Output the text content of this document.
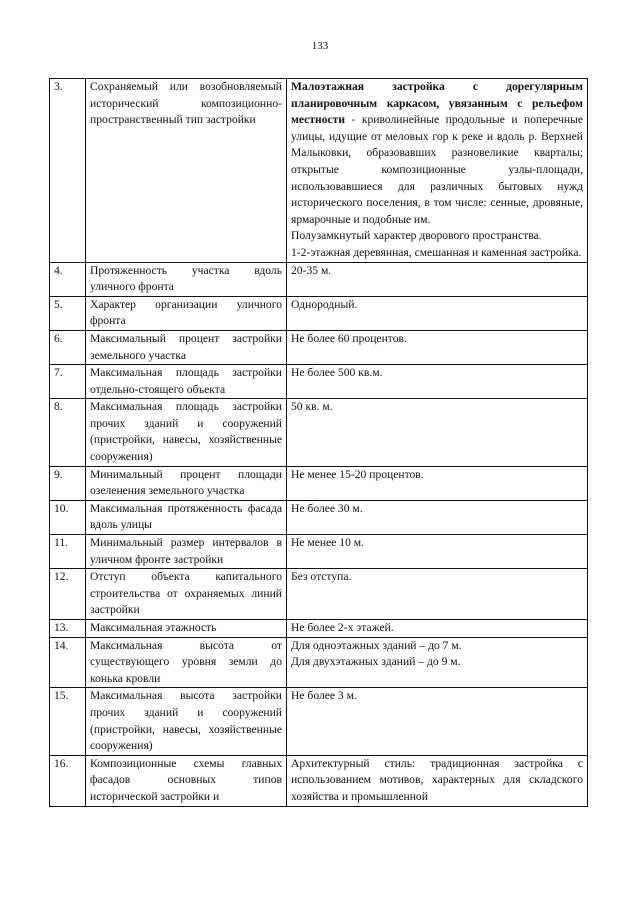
133
3.	Сохраняемый или возобновляемый исторический композиционно-пространственный тип застройки	Малоэтажная застройка с дорегулярным планировочным каркасом, увязанным с рельефом местности - криволинейные продольные и поперечные улицы, идущие от меловых гор к реке и вдоль р. Верхней Малыковки, образовавших разновеликие кварталы; открытые композиционные узлы-площади, использовавшиеся для различных бытовых нужд исторического поселения, в том числе: сенные, дровяные, ярмарочные и подобные им.
Полузамкнутый характер дворового пространства.
1-2-этажная деревянная, смешанная и каменная застройка.

4.	Протяженность участка вдоль уличного фронта	20-35 м.
5.	Характер организации уличного фронта	Однородный.
6.	Максимальный процент застройки земельного участка	Не более 60 процентов.
7.	Максимальная площадь застройки отдельно-стоящего объекта	Не более 500 кв.м.
8.	Максимальная площадь застройки прочих зданий и сооружений (пристройки, навесы, хозяйственные сооружения)	50 кв. м.
9.	Минимальный процент площади озеленения земельного участка	Не менее 15-20 процентов.
10.	Максимальная протяженность фасада вдоль улицы	Не более 30 м.
11.	Минимальный размер интервалов в уличном фронте застройки	Не менее 10 м.
12.	Отступ объекта капитального строительства от охраняемых линий застройки	Без отступа.
13.	Максимальная этажность	Не более 2-х этажей.
14.	Максимальная высота от существующего уровня земли до конька кровли	Для одноэтажных зданий – до 7 м.
Для двухэтажных зданий – до 9 м.

15.	Максимальная высота застройки прочих зданий и сооружений (пристройки, навесы, хозяйственные сооружения)	Не более 3 м.
16.	Композиционные схемы главных фасадов основных типов исторической застройки и	Архитектурный стиль: традиционная застройка с использованием мотивов, характерных для складского хозяйства и промышленной
